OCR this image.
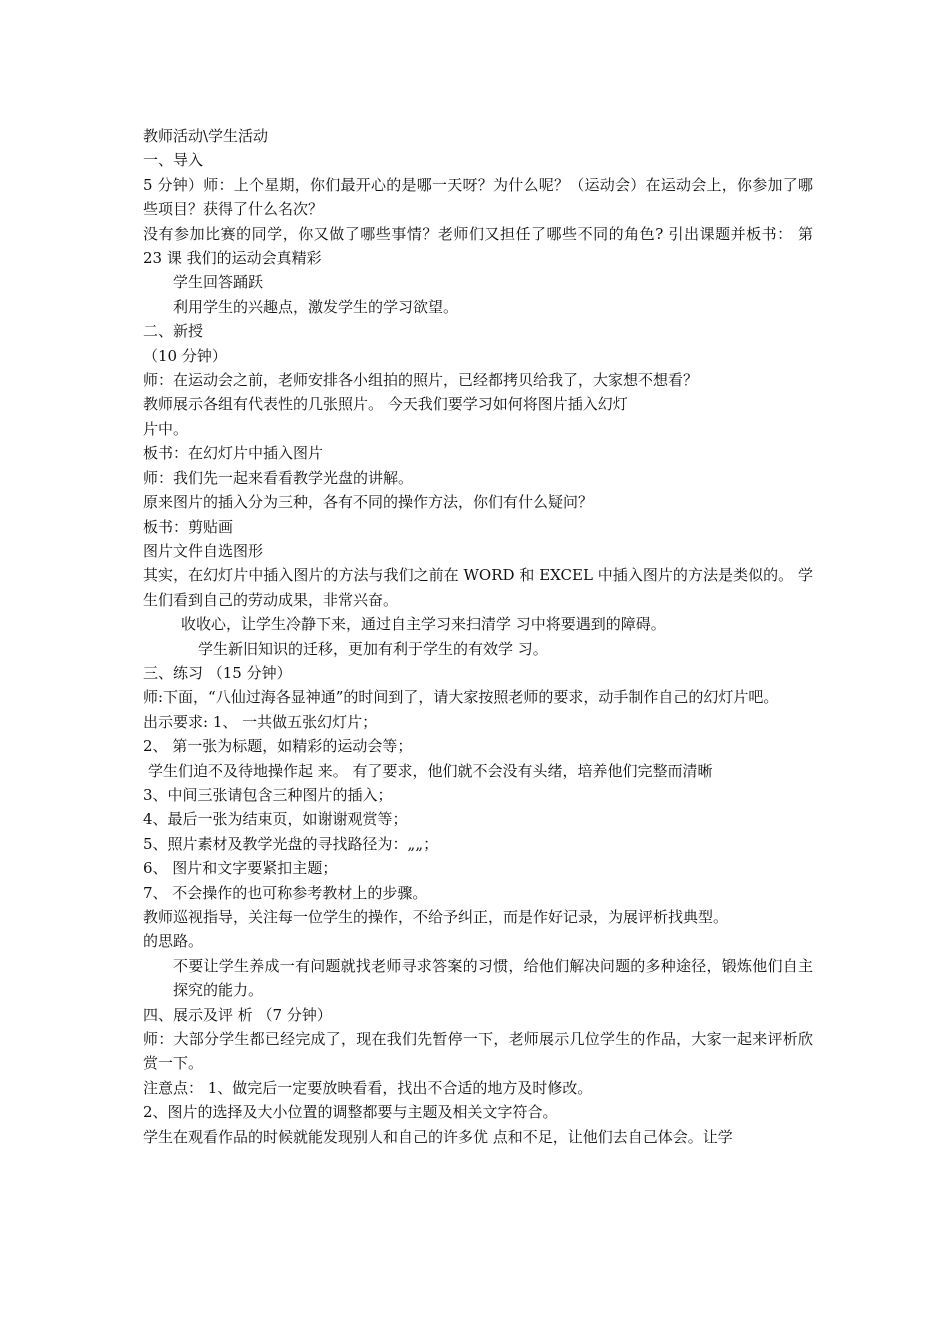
教师活动\学生活动

一、导入

5 分钟）师：上个星期，你们最开心的是哪一天呀？为什么呢？（运动会）在运动会上，你参加了哪些项目？获得了什么名次？

没有参加比赛的同学，你又做了哪些事情？老师们又担任了哪些不同的角色? 引出课题并板书： 第 23 课 我们的运动会真精彩

学生回答踊跃

利用学生的兴趣点，激发学生的学习欲望。

二、新授

（10 分钟）

师：在运动会之前，老师安排各小组拍的照片，已经都拷贝给我了，大家想不想看？

教师展示各组有代表性的几张照片。 今天我们要学习如何将图片插入幻灯

片中。

板书：在幻灯片中插入图片

师：我们先一起来看看教学光盘的讲解。

原来图片的插入分为三种，各有不同的操作方法，你们有什么疑问？

板书：剪贴画

图片文件自选图形

其实，在幻灯片中插入图片的方法与我们之前在 WORD 和 EXCEL 中插入图片的方法是类似的。 学生们看到自己的劳动成果，非常兴奋。

收收心，让学生冷静下来，通过自主学习来扫清学 习中将要遇到的障碍。

学生新旧知识的迁移，更加有利于学生的有效学 习。

三、练习 （15 分钟）

师:下面，“八仙过海各显神通”的时间到了，请大家按照老师的要求，动手制作自己的幻灯片吧。

出示要求: 1、 一共做五张幻灯片；

2、 第一张为标题，如精彩的运动会等；

学生们迫不及待地操作起 来。 有了要求，他们就不会没有头绪，培养他们完整而清晰

3、中间三张请包含三种图片的插入；

4、最后一张为结束页，如谢谢观赏等；

5、照片素材及教学光盘的寻找路径为：„„；

6、 图片和文字要紧扣主题；

7、 不会操作的也可称参考教材上的步骤。

教师巡视指导，关注每一位学生的操作，不给予纠正，而是作好记录，为展评析找典型。

的思路。

不要让学生养成一有问题就找老师寻求答案的习惯，给他们解决问题的多种途径，锻炼他们自主探究的能力。

四、展示及评 析 （7 分钟）

师：大部分学生都已经完成了，现在我们先暂停一下，老师展示几位学生的作品，大家一起来评析欣赏一下。

注意点： 1、做完后一定要放映看看，找出不合适的地方及时修改。

2、图片的选择及大小位置的调整都要与主题及相关文字符合。

学生在观看作品的时候就能发现别人和自己的许多优 点和不足，让他们去自己体会。让学
